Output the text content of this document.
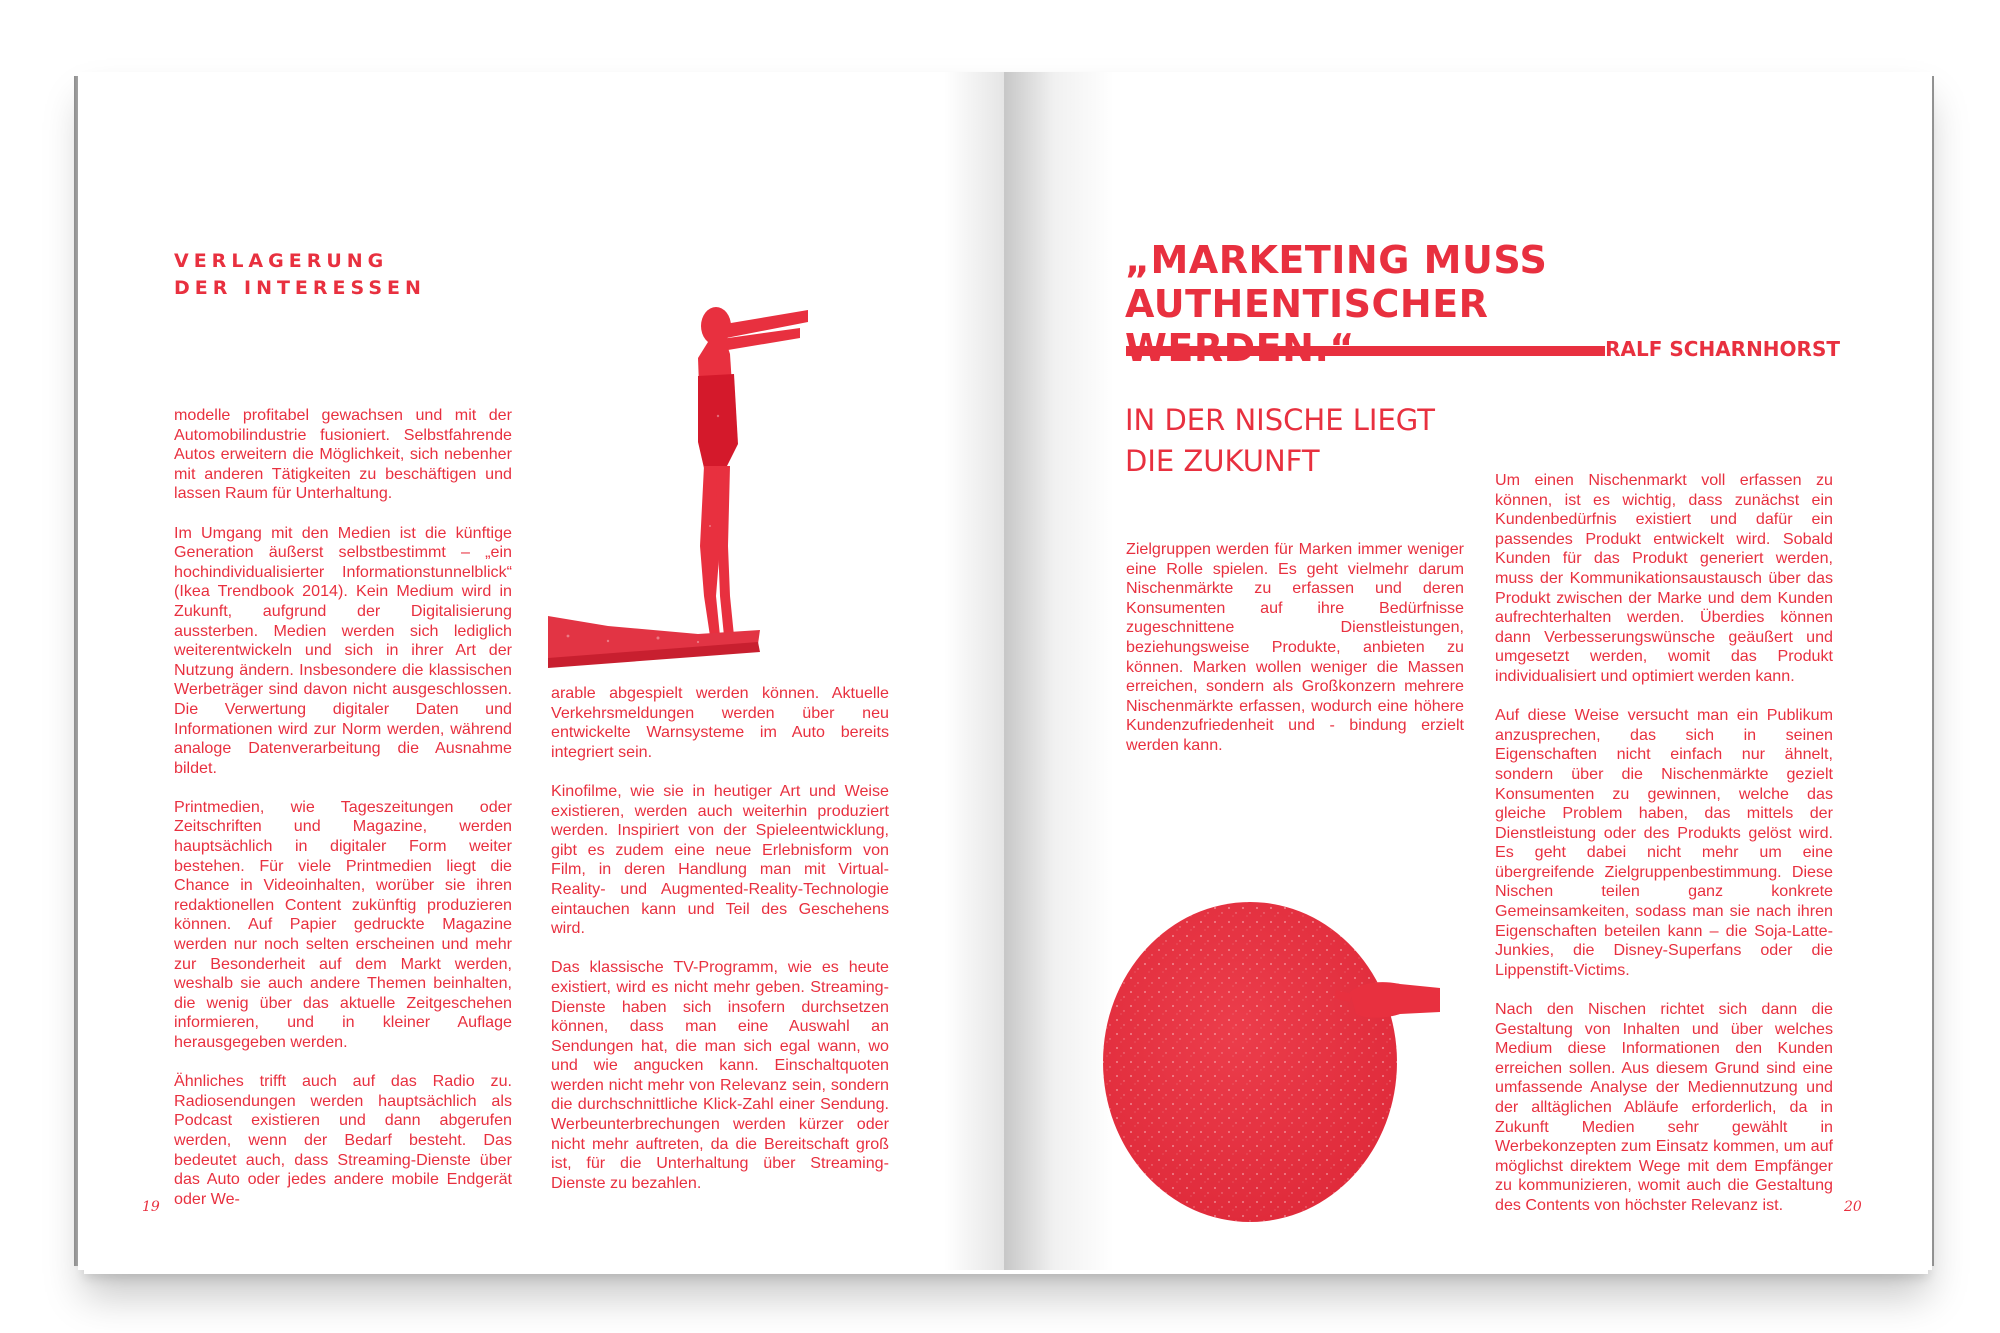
VERLAGERUNG
DER INTERESSEN

modelle profitabel gewachsen und mit der Automobilindustrie fusioniert. Selbstfahrende Autos erweitern die Möglichkeit, sich nebenher mit anderen Tätigkeiten zu beschäftigen und lassen Raum für Unterhaltung.

Im Umgang mit den Medien ist die künftige Generation äußerst selbstbestimmt – „ein hochindividualisierter Informationstunnelblick“ (Ikea Trendbook 2014). Kein Medium wird in Zukunft, aufgrund der Digitalisierung aussterben. Medien werden sich lediglich weiterentwickeln und sich in ihrer Art der Nutzung ändern. Insbesondere die klassischen Werbeträger sind davon nicht ausgeschlossen. Die Verwertung digitaler Daten und Informationen wird zur Norm werden, während analoge Datenverarbeitung die Ausnahme bildet.

Printmedien, wie Tageszeitungen oder Zeitschriften und Magazine, werden hauptsächlich in digitaler Form weiter bestehen. Für viele Printmedien liegt die Chance in Videoinhalten, worüber sie ihren redaktionellen Content zukünftig produzieren können. Auf Papier gedruckte Magazine werden nur noch selten erscheinen und mehr zur Besonderheit auf dem Markt werden, weshalb sie auch andere Themen beinhalten, die wenig über das aktuelle Zeitgeschehen informieren, und in kleiner Auflage herausgegeben werden.

Ähnliches trifft auch auf das Radio zu. Radiosendungen werden hauptsächlich als Podcast existieren und dann abgerufen werden, wenn der Bedarf besteht. Das bedeutet auch, dass Streaming-Dienste über das Auto oder jedes andere mobile Endgerät oder We-

arable abgespielt werden können. Aktuelle Verkehrsmeldungen werden über neu entwickelte Warnsysteme im Auto bereits integriert sein.

Kinofilme, wie sie in heutiger Art und Weise existieren, werden auch weiterhin produziert werden. Inspiriert von der Spieleentwicklung, gibt es zudem eine neue Erlebnisform von Film, in deren Handlung man mit Virtual-Reality- und Augmented-Reality-Technologie eintauchen kann und Teil des Geschehens wird.

Das klassische TV-Programm, wie es heute existiert, wird es nicht mehr geben. Streaming-Dienste haben sich insofern durchsetzen können, dass man eine Auswahl an Sendungen hat, die man sich egal wann, wo und wie angucken kann. Einschaltquoten werden nicht mehr von Relevanz sein, sondern die durchschnittliche Klick-Zahl einer Sendung. Werbeunterbrechungen werden kürzer oder nicht mehr auftreten, da die Bereitschaft groß ist, für die Unterhaltung über Streaming-Dienste zu bezahlen.

19
„MARKETING MUSS AUTHENTISCHER

RALF SCHARNHORST
IN DER NISCHE LIEGT
DIE ZUKUNFT

Zielgruppen werden für Marken immer weniger eine Rolle spielen. Es geht vielmehr darum Nischenmärkte zu erfassen und deren Konsumenten auf ihre Bedürfnisse zugeschnittene Dienstleistungen, beziehungsweise Produkte, anbieten zu können. Marken wollen weniger die Massen erreichen, sondern als Großkonzern mehrere Nischenmärkte erfassen, wodurch eine höhere Kundenzufriedenheit und - bindung erzielt werden kann.

Um einen Nischenmarkt voll erfassen zu können, ist es wichtig, dass zunächst ein Kundenbedürfnis existiert und dafür ein passendes Produkt entwickelt wird. Sobald Kunden für das Produkt generiert werden, muss der Kommunikationsaustausch über das Produkt zwischen der Marke und dem Kunden aufrechterhalten werden. Überdies können dann Verbesserungswünsche geäußert und umgesetzt werden, womit das Produkt individualisiert und optimiert werden kann.

Auf diese Weise versucht man ein Publikum anzusprechen, das sich in seinen Eigenschaften nicht einfach nur ähnelt, sondern über die Nischenmärkte gezielt Konsumenten zu gewinnen, welche das gleiche Problem haben, das mittels der Dienstleistung oder des Produkts gelöst wird. Es geht dabei nicht mehr um eine übergreifende Zielgruppenbestimmung. Diese Nischen teilen ganz konkrete Gemeinsamkeiten, sodass man sie nach ihren Eigenschaften beteilen kann – die Soja-Latte-Junkies, die Disney-Superfans oder die Lippenstift-Victims.

Nach den Nischen richtet sich dann die Gestaltung von Inhalten und über welches Medium diese Informationen den Kunden erreichen sollen. Aus diesem Grund sind eine umfassende Analyse der Mediennutzung und der alltäglichen Abläufe erforderlich, da in Zukunft Medien sehr gewählt in Werbekonzepten zum Einsatz kommen, um auf möglichst direktem Wege mit dem Empfänger zu kommunizieren, womit auch die Gestaltung des Contents von höchster Relevanz ist.	20
